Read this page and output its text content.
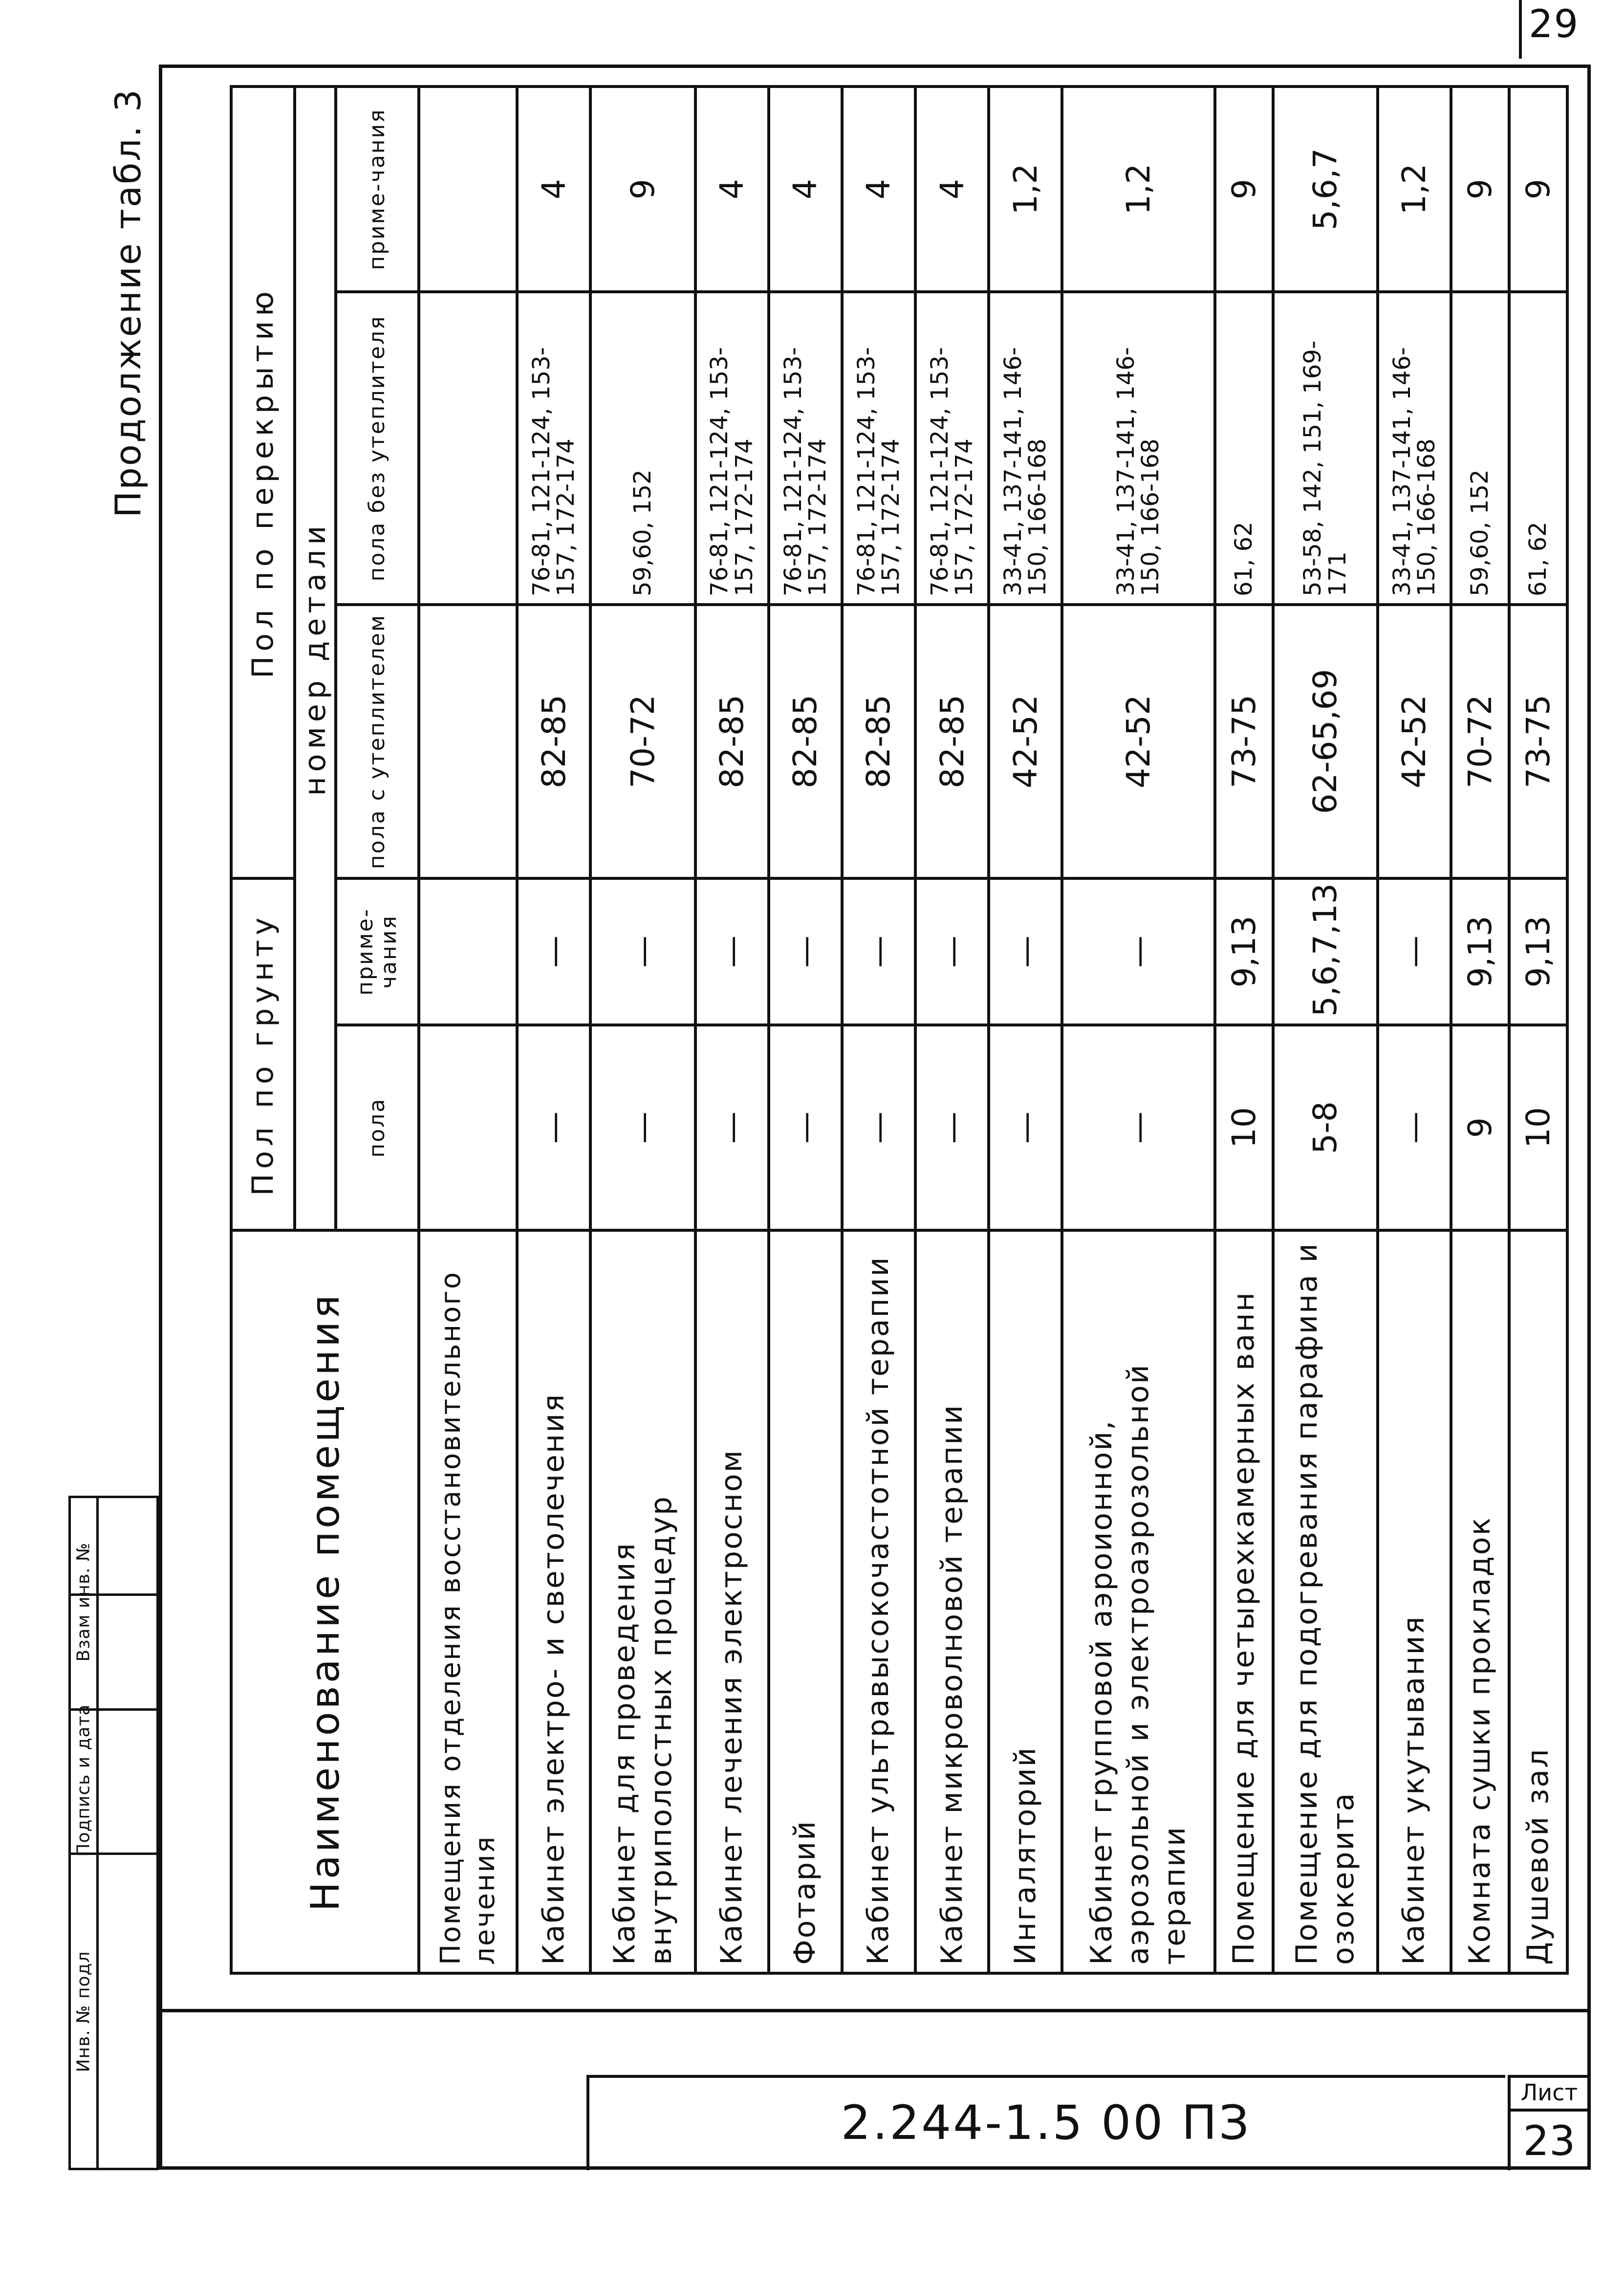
29
2.244-1.5 00 ПЗ
Лист
23
Инв. № подл
Подпись и дата
Взам инв. №
Продолжение табл. 3
Наименование помещения	Пол по грунту		Пол по перекрытию		
	номер детали				
	пола	приме-чания	пола с утеплителем	пола без утеплителя	приме-чания
Помещения отделения восстановительного лечения					
Кабинет электро- и светолечения	—	—	82-85	76-81, 121-124, 153-157, 172-174	4
Кабинет для проведения внутриполостных процедур	—	—	70-72	59,60, 152	9
Кабинет лечения электросном	—	—	82-85	76-81, 121-124, 153-157, 172-174	4
Фотарий	—	—	82-85	76-81, 121-124, 153-157, 172-174	4
Кабинет ультравысокочастотной терапии	—	—	82-85	76-81, 121-124, 153-157, 172-174	4
Кабинет микроволновой терапии	—	—	82-85	76-81, 121-124, 153-157, 172-174	4
Ингаляторий	—	—	42-52	33-41, 137-141, 146-150, 166-168	1,2
Кабинет групповой аэроионной, аэрозольной и электроаэрозольной терапии	—	—	42-52	33-41, 137-141, 146-150, 166-168	1,2
Помещение для четырехкамерных ванн	10	9,13	73-75	61, 62	9
Помещение для подогревания парафина и озокерита	5-8	5,6,7,13	62-65,69	53-58, 142, 151, 169-171	5,6,7
Кабинет укутывания	—	—	42-52	33-41, 137-141, 146-150, 166-168	1,2
Комната сушки прокладок	9	9,13	70-72	59,60, 152	9
Душевой зал	10	9,13	73-75	61, 62	9
